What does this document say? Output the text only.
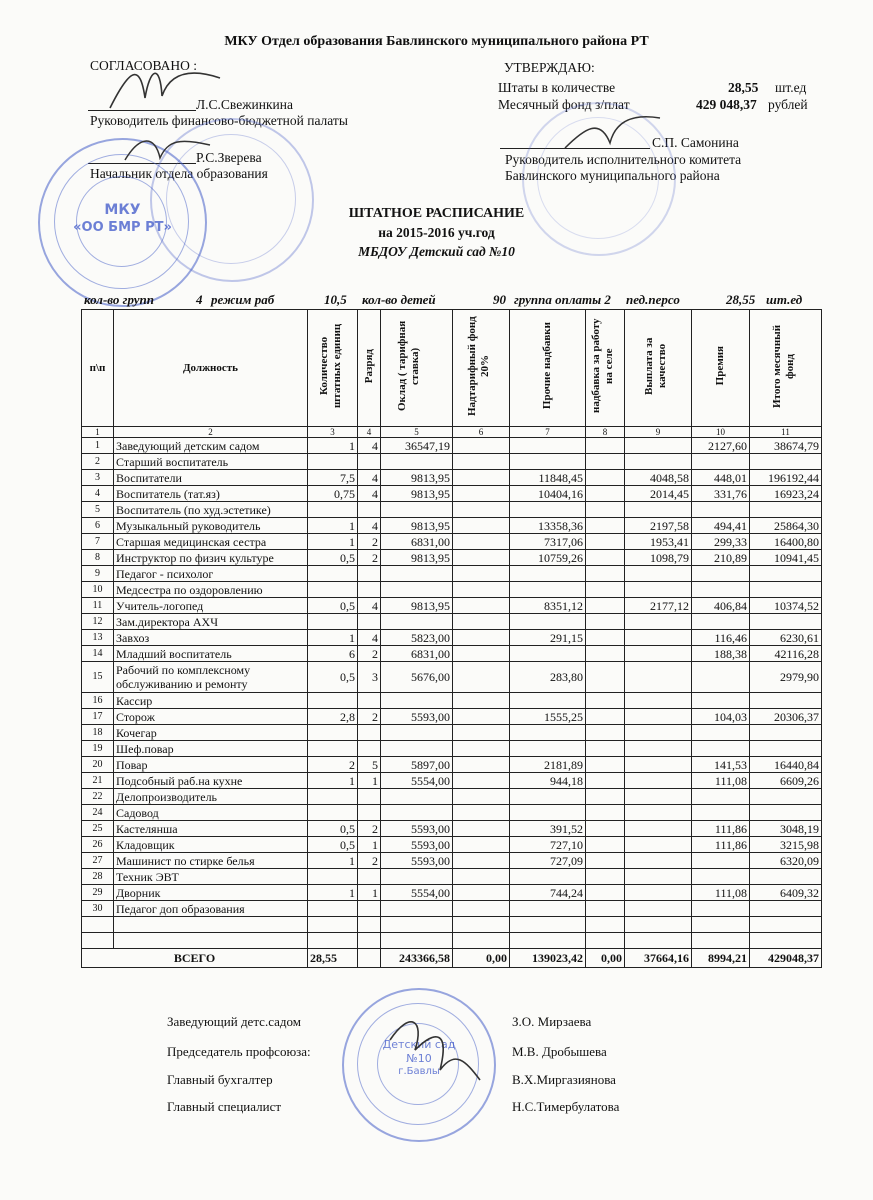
МКУ Отдел образования Бавлинского муниципального района РТ
СОГЛАСОВАНО :
Л.С.Свежинкина
Руководитель финансово-бюджетной палаты
Р.С.Зверева
Начальник отдела образования
УТВЕРЖДАЮ:
Штаты в количестве	28,55 шт.ед
Месячный фонд з/плат	429 048,37 рублей
С.П. Самонина
Руководитель исполнительного комитета
Бавлинского муниципального района
МКУ
«ОО БМР РТ»
ШТАТНОЕ РАСПИСАНИЕ
на 2015-2016 уч.год
МБДОУ Детский сад №10
кол-во групп	4 режим раб	10,5 кол-во детей	90 группа оплаты 2 пед.персо	28,55 шт.ед
п\п	Должность	Количество штатных единиц	Разряд	Оклад ( тарифная ставка)	Надтарифный фонд 20%	Прочие надбавки	надбавка за работу на селе	Выплата за качество	Премия	Итого месячный фонд
1	2	3	4	5	6	7	8	9	10	11
1	Заведующий детским садом	1	4	36547,19					2127,60	38674,79
2	Старший воспитатель									
3	Воспитатели	7,5	4	9813,95		11848,45		4048,58	448,01	196192,44
4	Воспитатель (тат.яз)	0,75	4	9813,95		10404,16		2014,45	331,76	16923,24
5	Воспитатель (по худ.эстетике)									
6	Музыкальный руководитель	1	4	9813,95		13358,36		2197,58	494,41	25864,30
7	Старшая медицинская сестра	1	2	6831,00		7317,06		1953,41	299,33	16400,80
8	Инструктор по физич культуре	0,5	2	9813,95		10759,26		1098,79	210,89	10941,45
9	Педагог - психолог									
10	Медсестра по оздоровлению									
11	Учитель-логопед	0,5	4	9813,95		8351,12		2177,12	406,84	10374,52
12	Зам.директора АХЧ									
13	Завхоз	1	4	5823,00		291,15			116,46	6230,61
14	Младший воспитатель	6	2	6831,00					188,38	42116,28
15	Рабочий по комплексному обслуживанию и ремонту	0,5	3	5676,00		283,80				2979,90
16	Кассир									
17	Сторож	2,8	2	5593,00		1555,25			104,03	20306,37
18	Кочегар									
19	Шеф.повар									
20	Повар	2	5	5897,00		2181,89			141,53	16440,84
21	Подсобный раб.на кухне	1	1	5554,00		944,18			111,08	6609,26
22	Делопроизводитель									
24	Садовод									
25	Кастелянша	0,5	2	5593,00		391,52			111,86	3048,19
26	Кладовщик	0,5	1	5593,00		727,10			111,86	3215,98
27	Машинист по стирке белья	1	2	5593,00		727,09				6320,09
28	Техник ЭВТ									
29	Дворник	1	1	5554,00		744,24			111,08	6409,32
30	Педагог доп образования									

ВСЕГО		28,55		243366,58	0,00	139023,42	0,00	37664,16	8994,21	429048,37
Детский сад
№10
г.Бавлы
Заведующий детс.садом	З.О. Мирзаева
Председатель профсоюза:	М.В. Дробышева
Главный бухгалтер	В.Х.Миргазиянова
Главный специалист	Н.С.Тимербулатова
